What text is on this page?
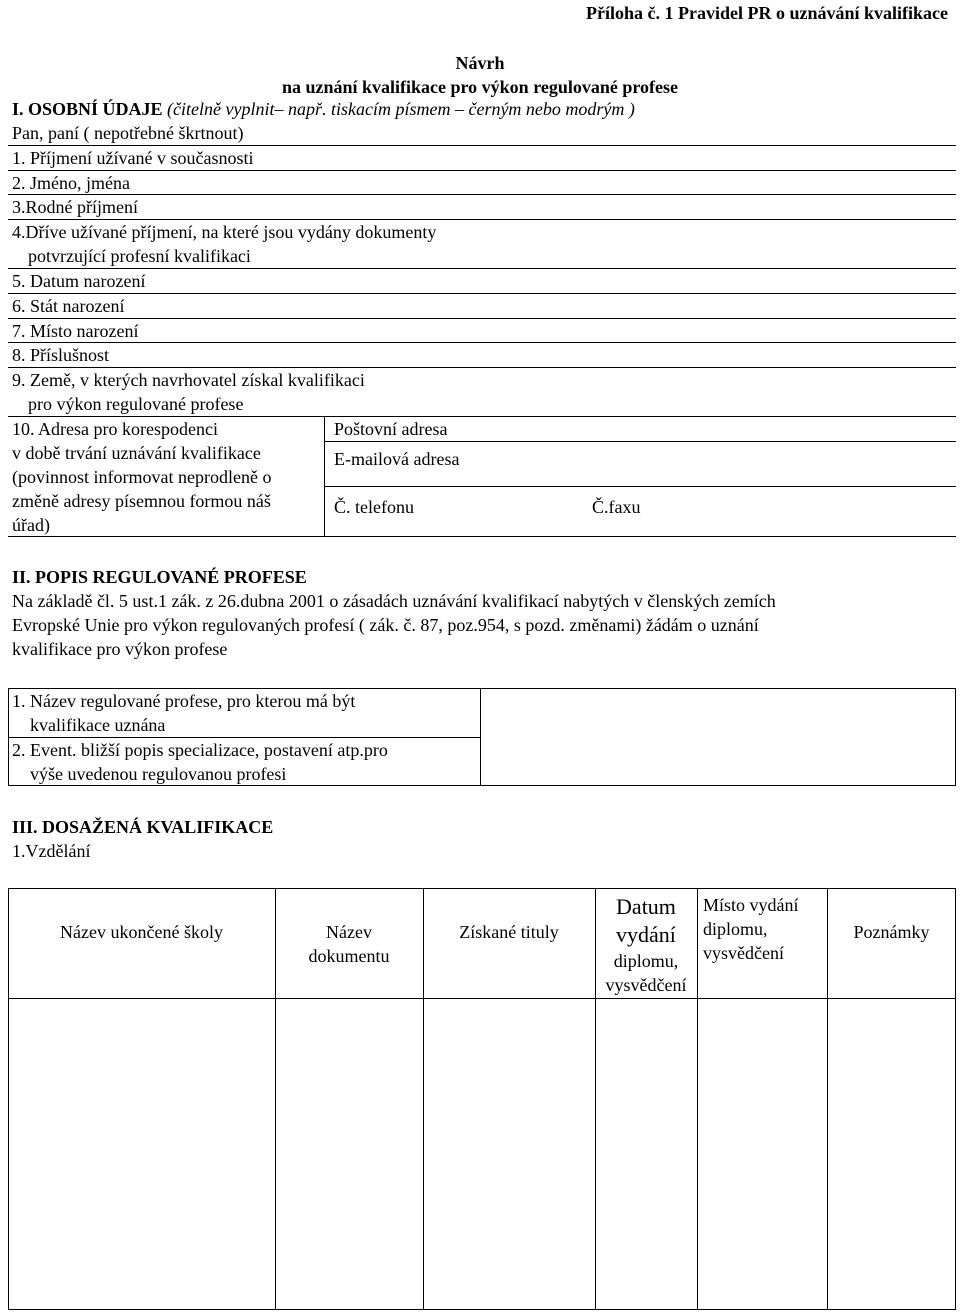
Příloha č. 1 Pravidel PR o uznávání kvalifikace
Návrh
na uznání kvalifikace pro výkon regulované profese
I. OSOBNÍ ÚDAJE (čitelně vyplnit– např. tiskacím písmem – černým nebo modrým )
Pan, paní ( nepotřebné škrtnout)
1. Příjmení užívané v současnosti
2. Jméno, jména
3.Rodné příjmení
4.Dříve užívané příjmení, na které jsou vydány dokumenty
potvrzující profesní kvalifikaci
5. Datum narození
6. Stát narození
7. Místo narození
8. Příslušnost
9. Země, v kterých navrhovatel získal kvalifikaci
pro výkon regulované profese
10. Adresa pro korespodenci
v době trvání uznávání kvalifikace
(povinnost informovat neprodleně o
změně adresy písemnou formou náš
úřad)
Poštovní adresa
E-mailová adresa
Č. telefonu	Č.faxu
II. POPIS REGULOVANÉ PROFESE
Na základě čl. 5 ust.1 zák. z 26.dubna 2001 o zásadách uznávání kvalifikací nabytých v členských zemích
Evropské Unie pro výkon regulovaných profesí ( zák. č. 87, poz.954, s pozd. změnami) žádám o uznání
kvalifikace pro výkon profese
1. Název regulované profese, pro kterou má být
kvalifikace uznána
2. Event. bližší popis specializace, postavení atp.pro
výše uvedenou regulovanou profesi
III. DOSAŽENÁ KVALIFIKACE
1.Vzdělání
Název ukončené školy	Název
dokumentu
Získané tituly
Datum
vydání
diplomu,
vysvědčení
Místo vydání
diplomu,
vysvědčení
Poznámky
